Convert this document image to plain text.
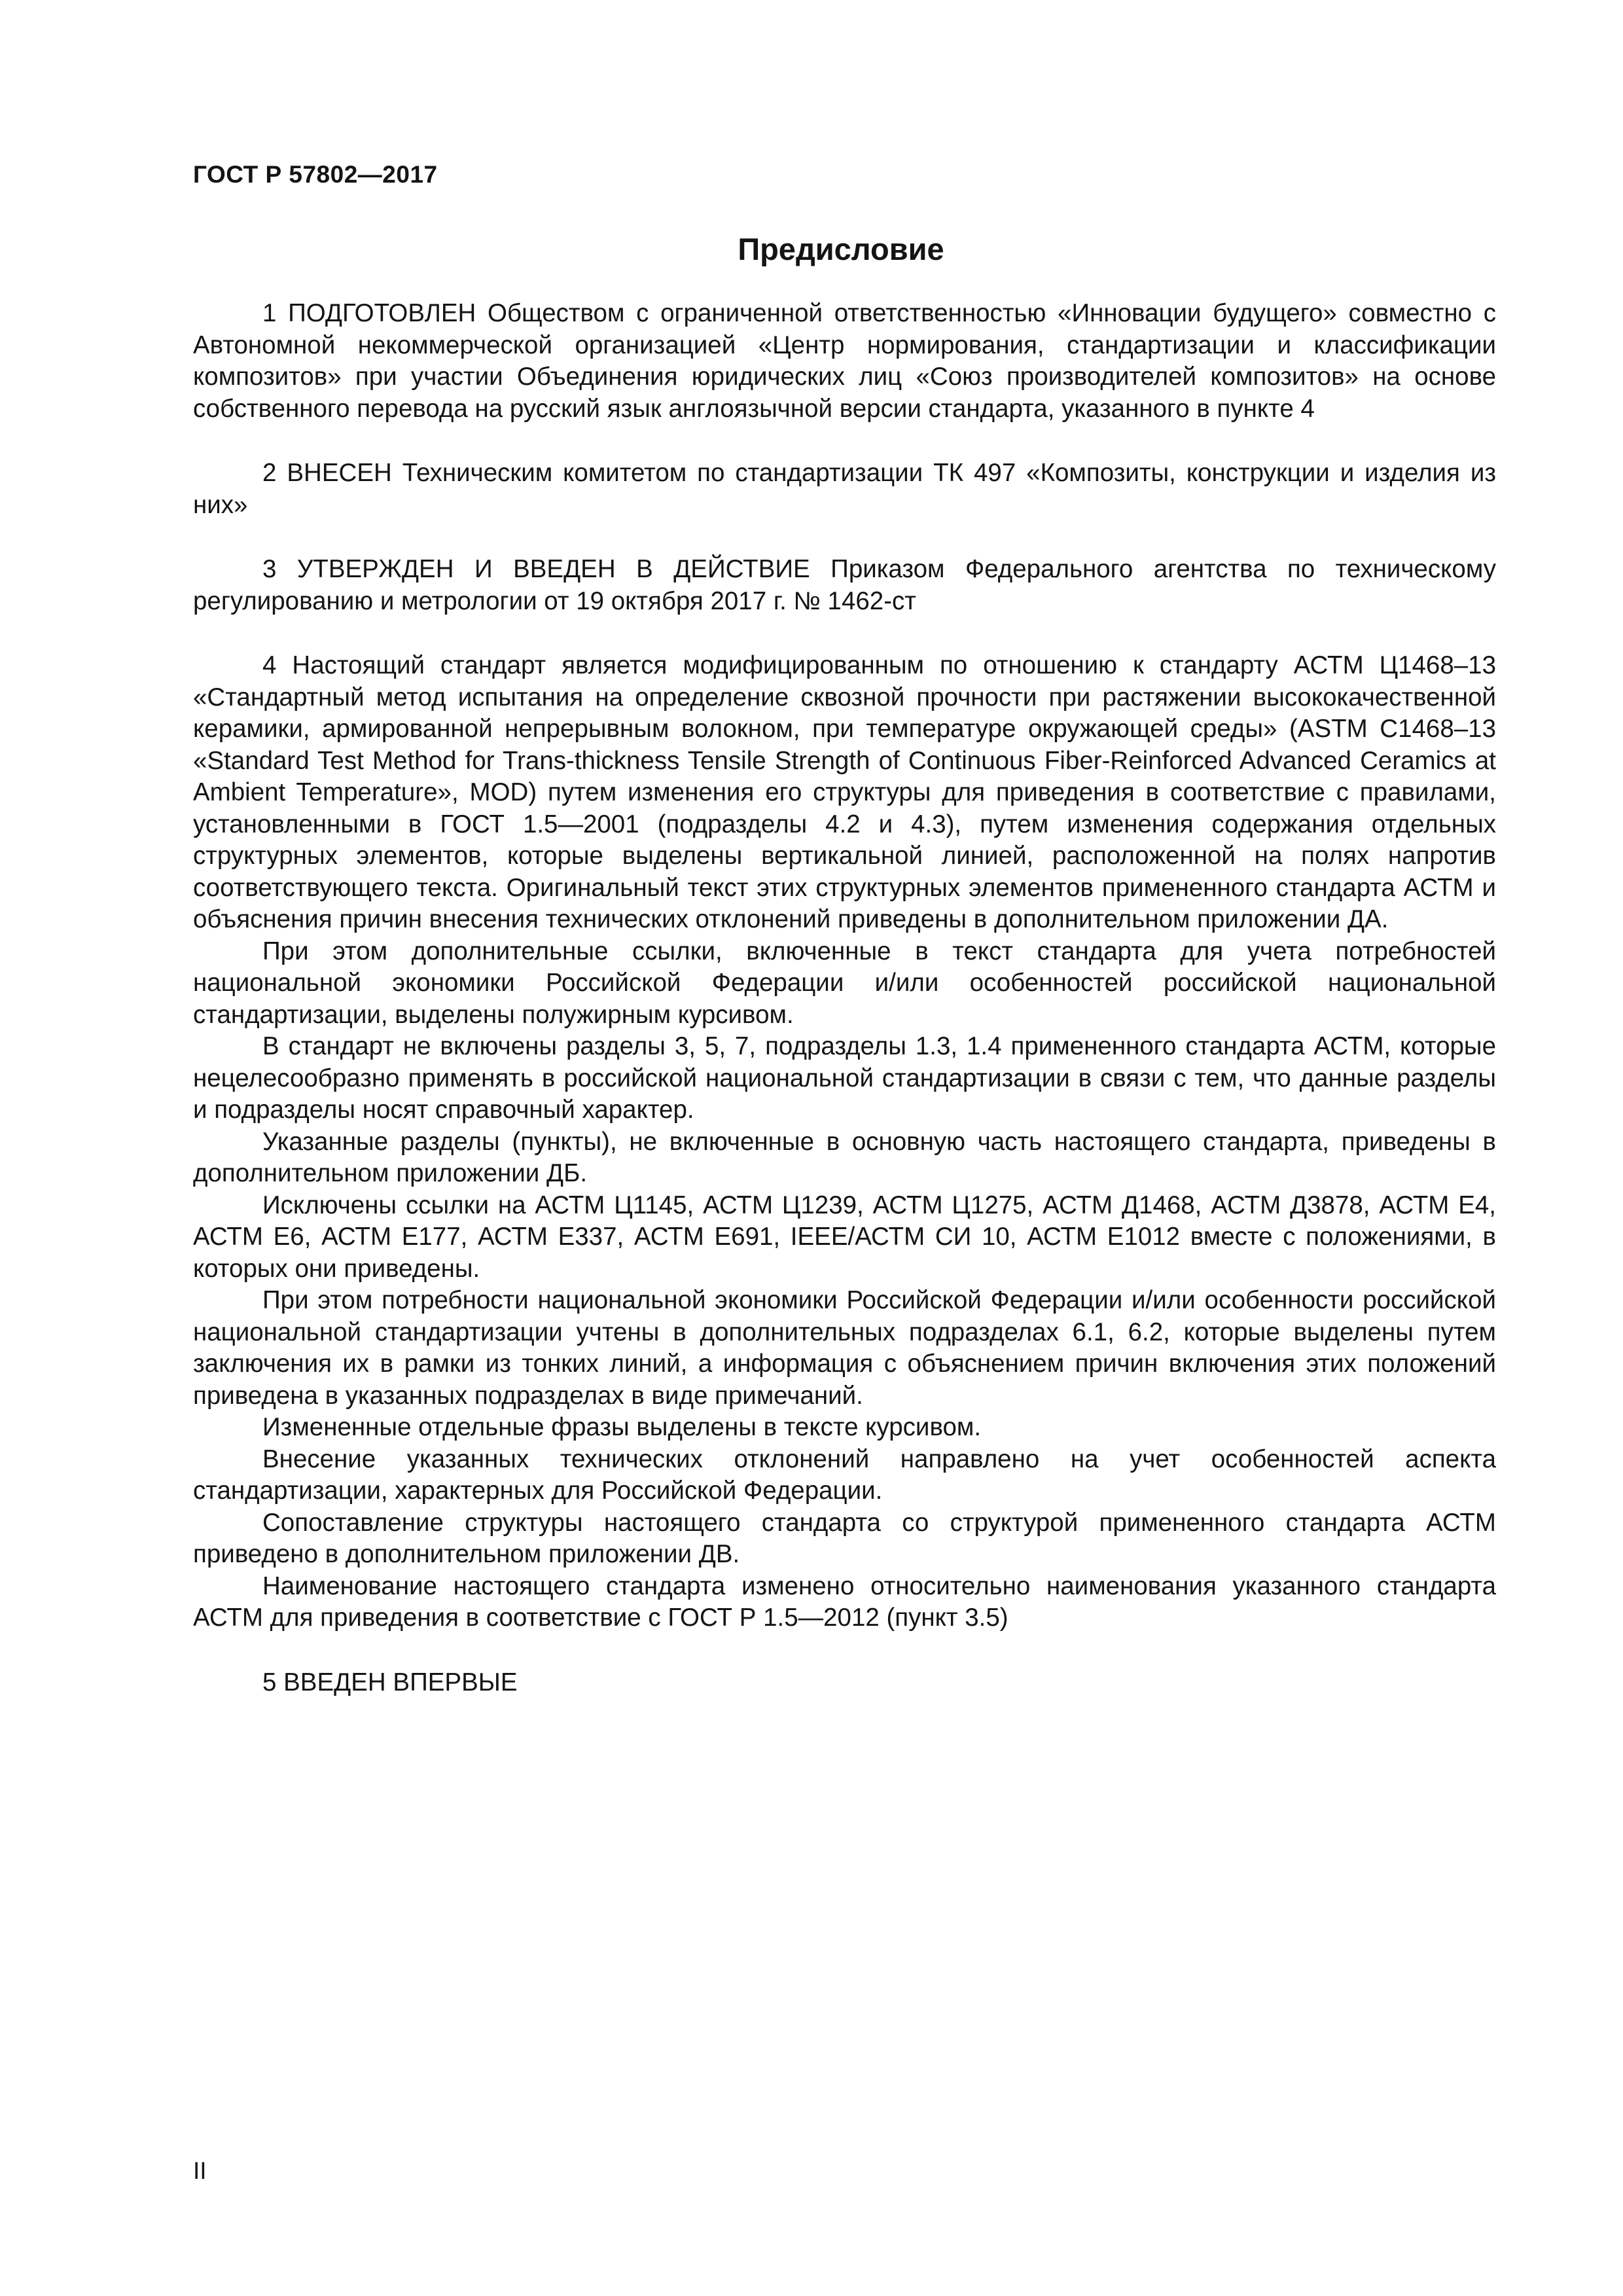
ГОСТ Р 57802—2017
Предисловие

1 ПОДГОТОВЛЕН Обществом с ограниченной ответственностью «Инновации будущего» совместно с Автономной некоммерческой организацией «Центр нормирования, стандартизации и классификации композитов» при участии Объединения юридических лиц «Союз производителей композитов» на основе собственного перевода на русский язык англоязычной версии стандарта, указанного в пункте 4

2 ВНЕСЕН Техническим комитетом по стандартизации ТК 497 «Композиты, конструкции и изделия из них»

3 УТВЕРЖДЕН И ВВЕДЕН В ДЕЙСТВИЕ Приказом Федерального агентства по техническому регулированию и метрологии от 19 октября 2017 г. № 1462-ст

4 Настоящий стандарт является модифицированным по отношению к стандарту АСТМ Ц1468–13 «Стандартный метод испытания на определение сквозной прочности при растяжении высококачественной керамики, армированной непрерывным волокном, при температуре окружающей среды» (ASTM C1468–13 «Standard Test Method for Trans-thickness Tensile Strength of Continuous Fiber-Reinforced Advanced Ceramics at Ambient Temperature», MOD) путем изменения его структуры для приведения в соответствие с правилами, установленными в ГОСТ 1.5—2001 (подразделы 4.2 и 4.3), путем изменения содержания отдельных структурных элементов, которые выделены вертикальной линией, расположенной на полях напротив соответствующего текста. Оригинальный текст этих структурных элементов примененного стандарта АСТМ и объяснения причин внесения технических отклонений приведены в дополнительном приложении ДА.

При этом дополнительные ссылки, включенные в текст стандарта для учета потребностей национальной экономики Российской Федерации и/или особенностей российской национальной стандартизации, выделены полужирным курсивом.

В стандарт не включены разделы 3, 5, 7, подразделы 1.3, 1.4 примененного стандарта АСТМ, которые нецелесообразно применять в российской национальной стандартизации в связи с тем, что данные разделы и подразделы носят справочный характер.

Указанные разделы (пункты), не включенные в основную часть настоящего стандарта, приведены в дополнительном приложении ДБ.

Исключены ссылки на АСТМ Ц1145, АСТМ Ц1239, АСТМ Ц1275, АСТМ Д1468, АСТМ Д3878, АСТМ Е4, АСТМ Е6, АСТМ Е177, АСТМ Е337, АСТМ Е691, IEEE/АСТМ СИ 10, АСТМ Е1012 вместе с положениями, в которых они приведены.

При этом потребности национальной экономики Российской Федерации и/или особенности российской национальной стандартизации учтены в дополнительных подразделах 6.1, 6.2, которые выделены путем заключения их в рамки из тонких линий, а информация с объяснением причин включения этих положений приведена в указанных подразделах в виде примечаний.

Измененные отдельные фразы выделены в тексте курсивом.

Внесение указанных технических отклонений направлено на учет особенностей аспекта стандартизации, характерных для Российской Федерации.

Сопоставление структуры настоящего стандарта со структурой примененного стандарта АСТМ приведено в дополнительном приложении ДВ.

Наименование настоящего стандарта изменено относительно наименования указанного стандарта АСТМ для приведения в соответствие с ГОСТ Р 1.5—2012 (пункт 3.5)

5 ВВЕДЕН ВПЕРВЫЕ

II
